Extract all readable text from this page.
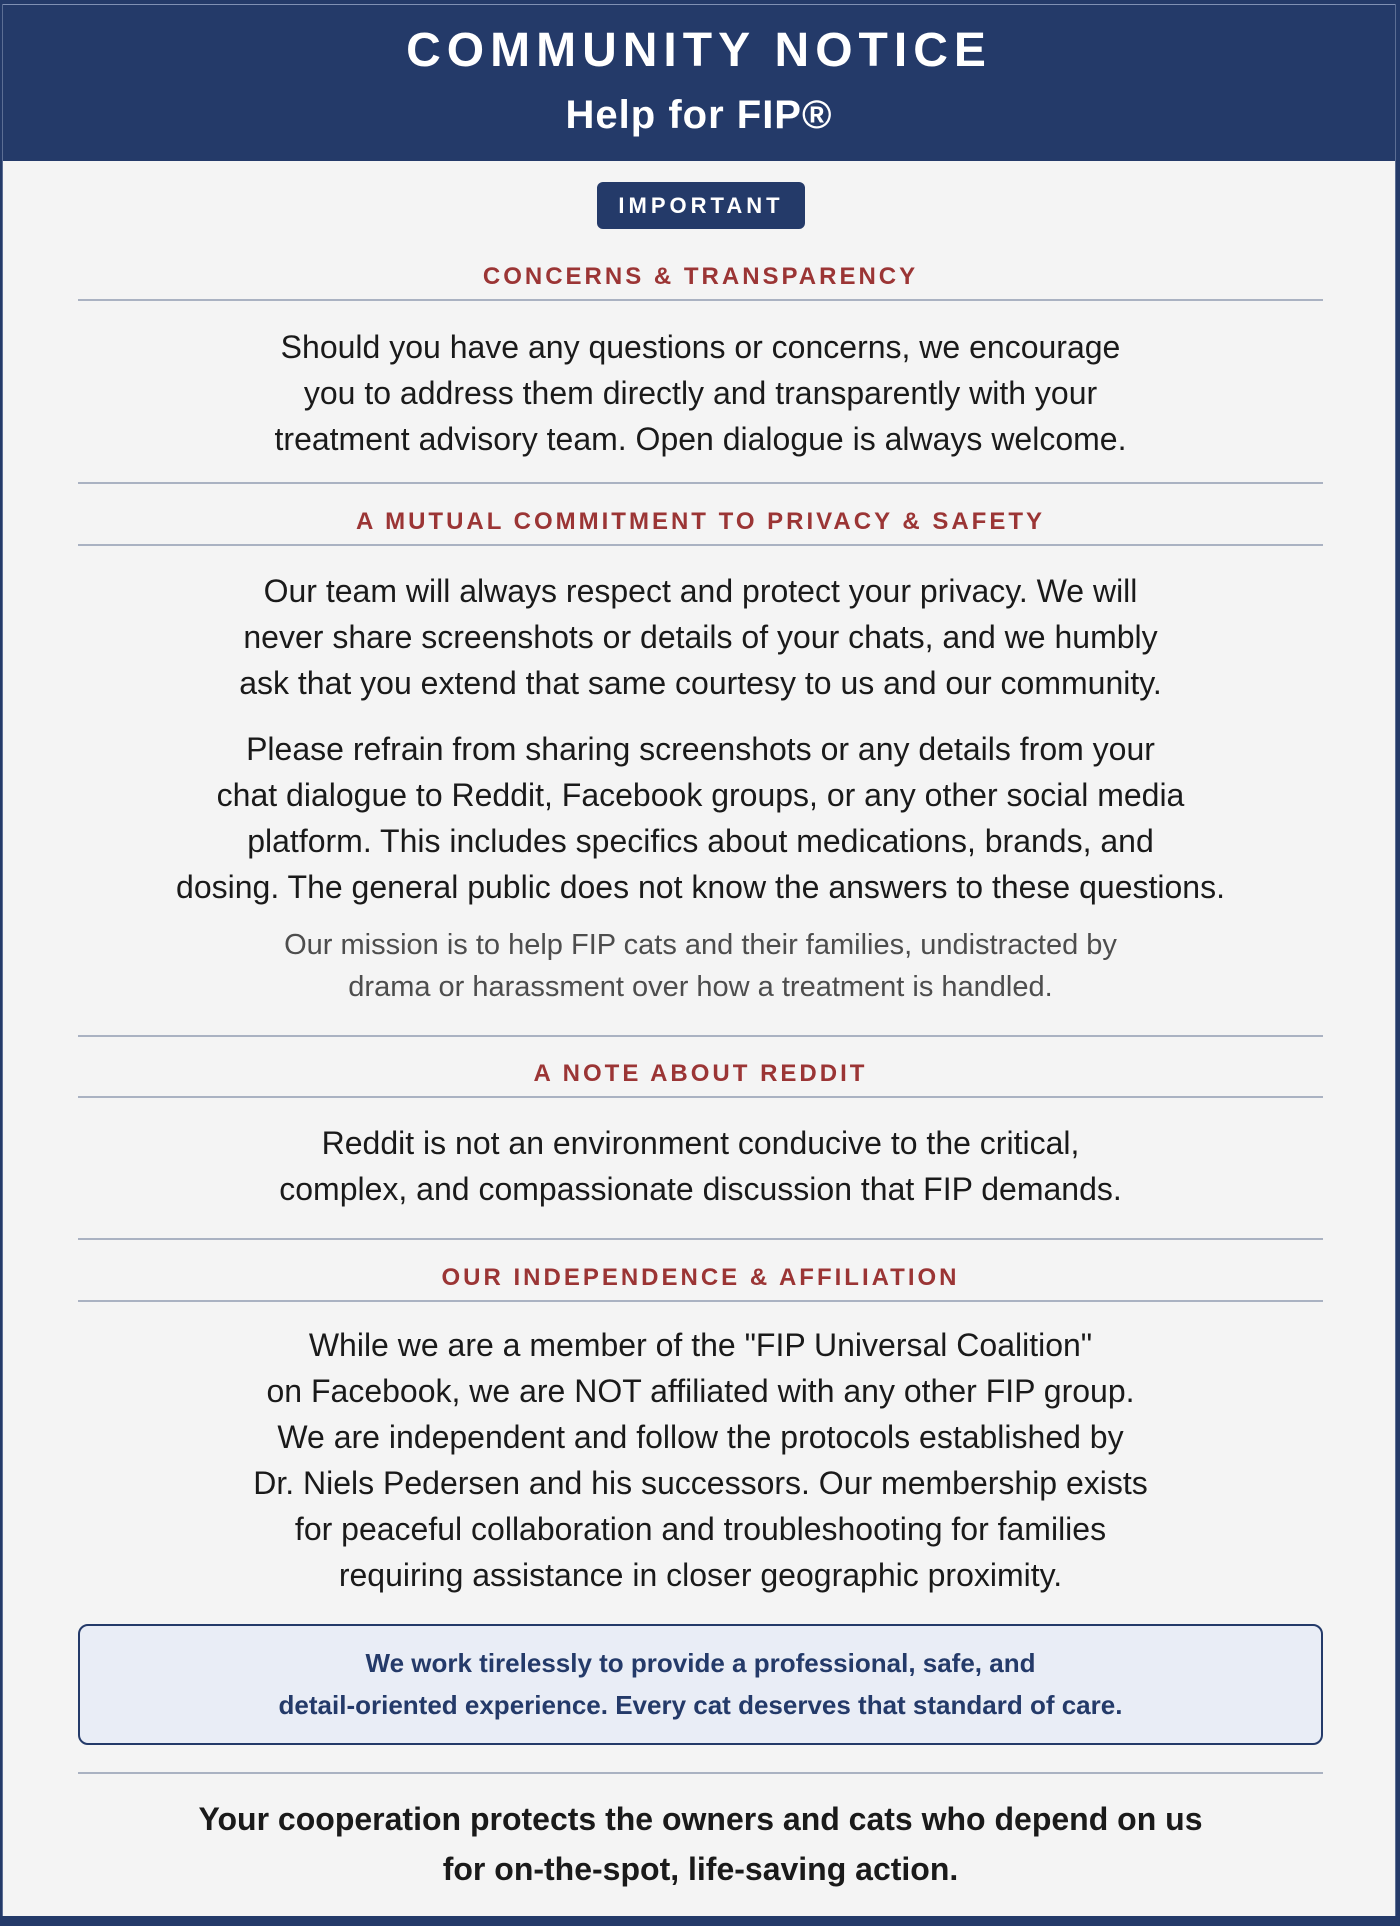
COMMUNITY NOTICE
Help for FIP®
IMPORTANT
CONCERNS & TRANSPARENCY
Should you have any questions or concerns, we encourage
you to address them directly and transparently with your
treatment advisory team. Open dialogue is always welcome.
A MUTUAL COMMITMENT TO PRIVACY & SAFETY
Our team will always respect and protect your privacy. We will
never share screenshots or details of your chats, and we humbly
ask that you extend that same courtesy to us and our community.
Please refrain from sharing screenshots or any details from your
chat dialogue to Reddit, Facebook groups, or any other social media
platform. This includes specifics about medications, brands, and
dosing. The general public does not know the answers to these questions.
Our mission is to help FIP cats and their families, undistracted by
drama or harassment over how a treatment is handled.
A NOTE ABOUT REDDIT
Reddit is not an environment conducive to the critical,
complex, and compassionate discussion that FIP demands.
OUR INDEPENDENCE & AFFILIATION
While we are a member of the "FIP Universal Coalition"
on Facebook, we are NOT affiliated with any other FIP group.
We are independent and follow the protocols established by
Dr. Niels Pedersen and his successors. Our membership exists
for peaceful collaboration and troubleshooting for families
requiring assistance in closer geographic proximity.
We work tirelessly to provide a professional, safe, and
detail-oriented experience. Every cat deserves that standard of care.
Your cooperation protects the owners and cats who depend on us
for on-the-spot, life-saving action.
